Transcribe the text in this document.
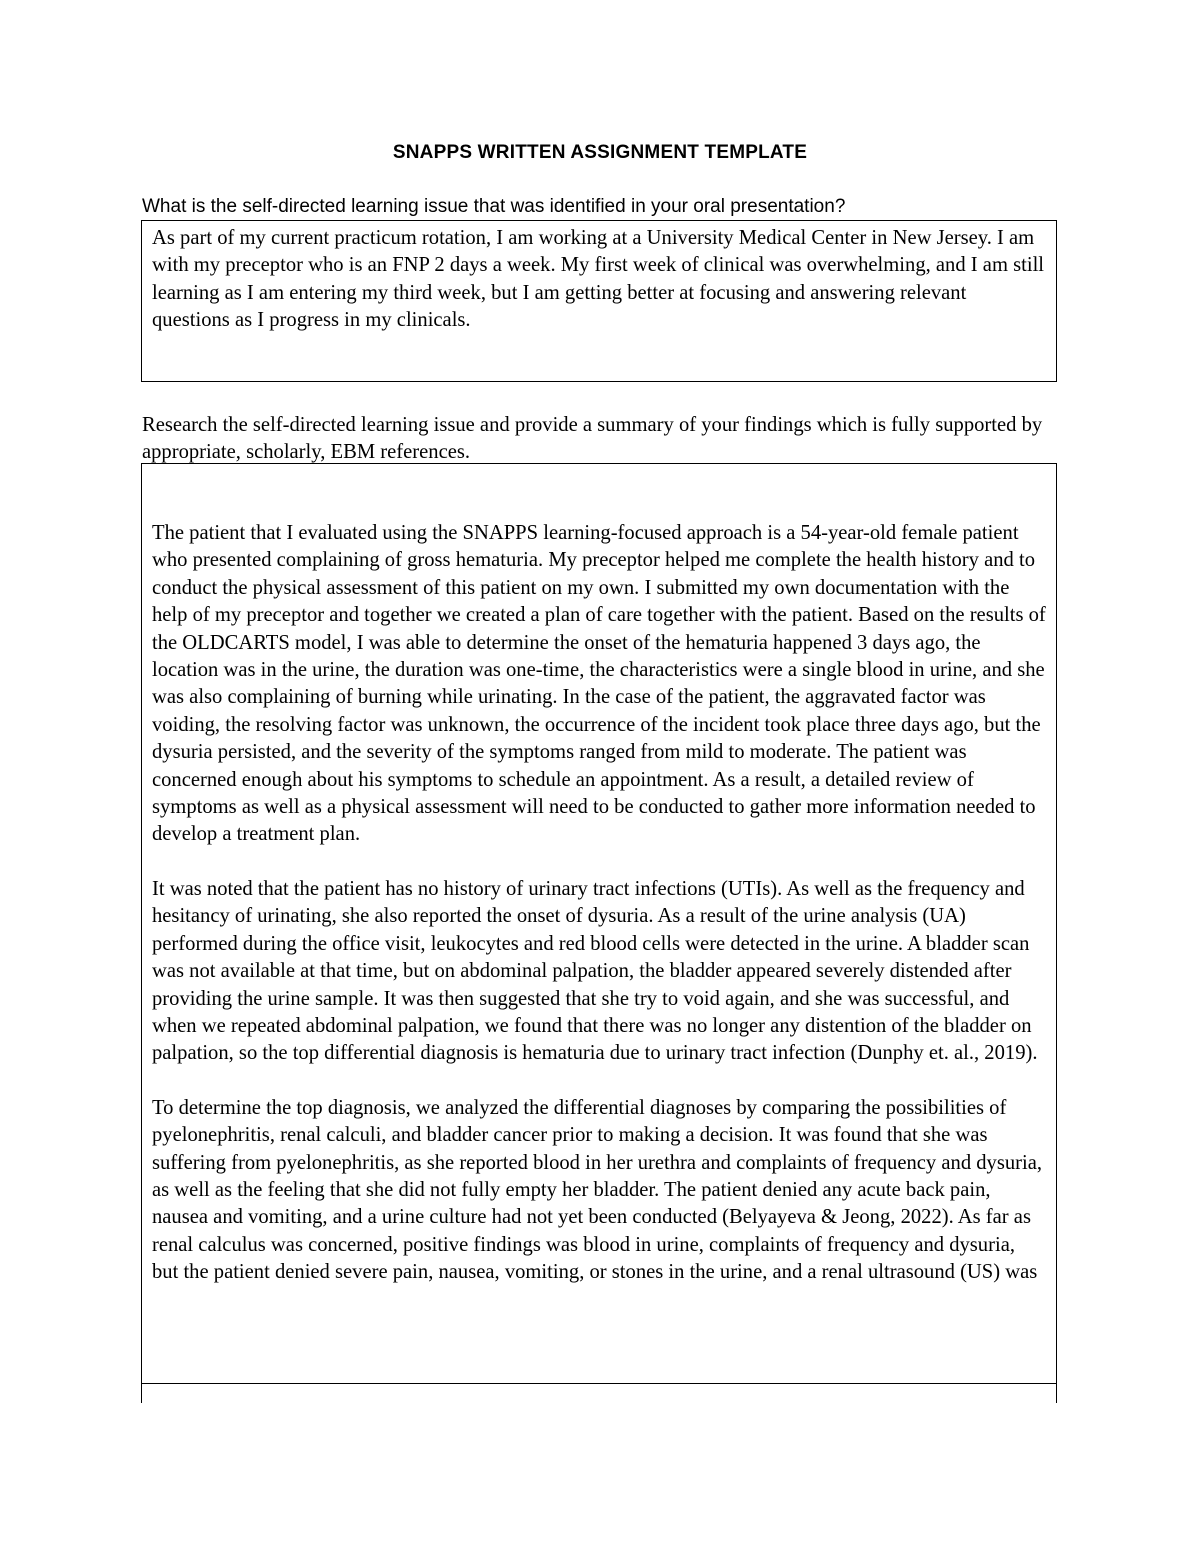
SNAPPS WRITTEN ASSIGNMENT TEMPLATE

What is the self-directed learning issue that was identified in your oral presentation?

As part of my current practicum rotation, I am working at a University Medical Center in New Jersey. I am with my preceptor who is an FNP 2 days a week. My first week of clinical was overwhelming, and I am still learning as I am entering my third week, but I am getting better at focusing and answering relevant questions as I progress in my clinicals.

Research the self-directed learning issue and provide a summary of your findings which is fully supported by appropriate, scholarly, EBM references.

The patient that I evaluated using the SNAPPS learning-focused approach is a 54-year-old female patient who presented complaining of gross hematuria. My preceptor helped me complete the health history and to conduct the physical assessment of this patient on my own. I submitted my own documentation with the help of my preceptor and together we created a plan of care together with the patient. Based on the results of the OLDCARTS model, I was able to determine the onset of the hematuria happened 3 days ago, the location was in the urine, the duration was one-time, the characteristics were a single blood in urine, and she was also complaining of burning while urinating. In the case of the patient, the aggravated factor was voiding, the resolving factor was unknown, the occurrence of the incident took place three days ago, but the dysuria persisted, and the severity of the symptoms ranged from mild to moderate. The patient was concerned enough about his symptoms to schedule an appointment. As a result, a detailed review of symptoms as well as a physical assessment will need to be conducted to gather more information needed to develop a treatment plan.

It was noted that the patient has no history of urinary tract infections (UTIs). As well as the frequency and hesitancy of urinating, she also reported the onset of dysuria. As a result of the urine analysis (UA) performed during the office visit, leukocytes and red blood cells were detected in the urine. A bladder scan was not available at that time, but on abdominal palpation, the bladder appeared severely distended after providing the urine sample. It was then suggested that she try to void again, and she was successful, and when we repeated abdominal palpation, we found that there was no longer any distention of the bladder on palpation, so the top differential diagnosis is hematuria due to urinary tract infection (Dunphy et. al., 2019).

To determine the top diagnosis, we analyzed the differential diagnoses by comparing the possibilities of pyelonephritis, renal calculi, and bladder cancer prior to making a decision. It was found that she was suffering from pyelonephritis, as she reported blood in her urethra and complaints of frequency and dysuria, as well as the feeling that she did not fully empty her bladder. The patient denied any acute back pain, nausea and vomiting, and a urine culture had not yet been conducted (Belyayeva & Jeong, 2022). As far as renal calculus was concerned, positive findings was blood in urine, complaints of frequency and dysuria, but the patient denied severe pain, nausea, vomiting, or stones in the urine, and a renal ultrasound (US) was
